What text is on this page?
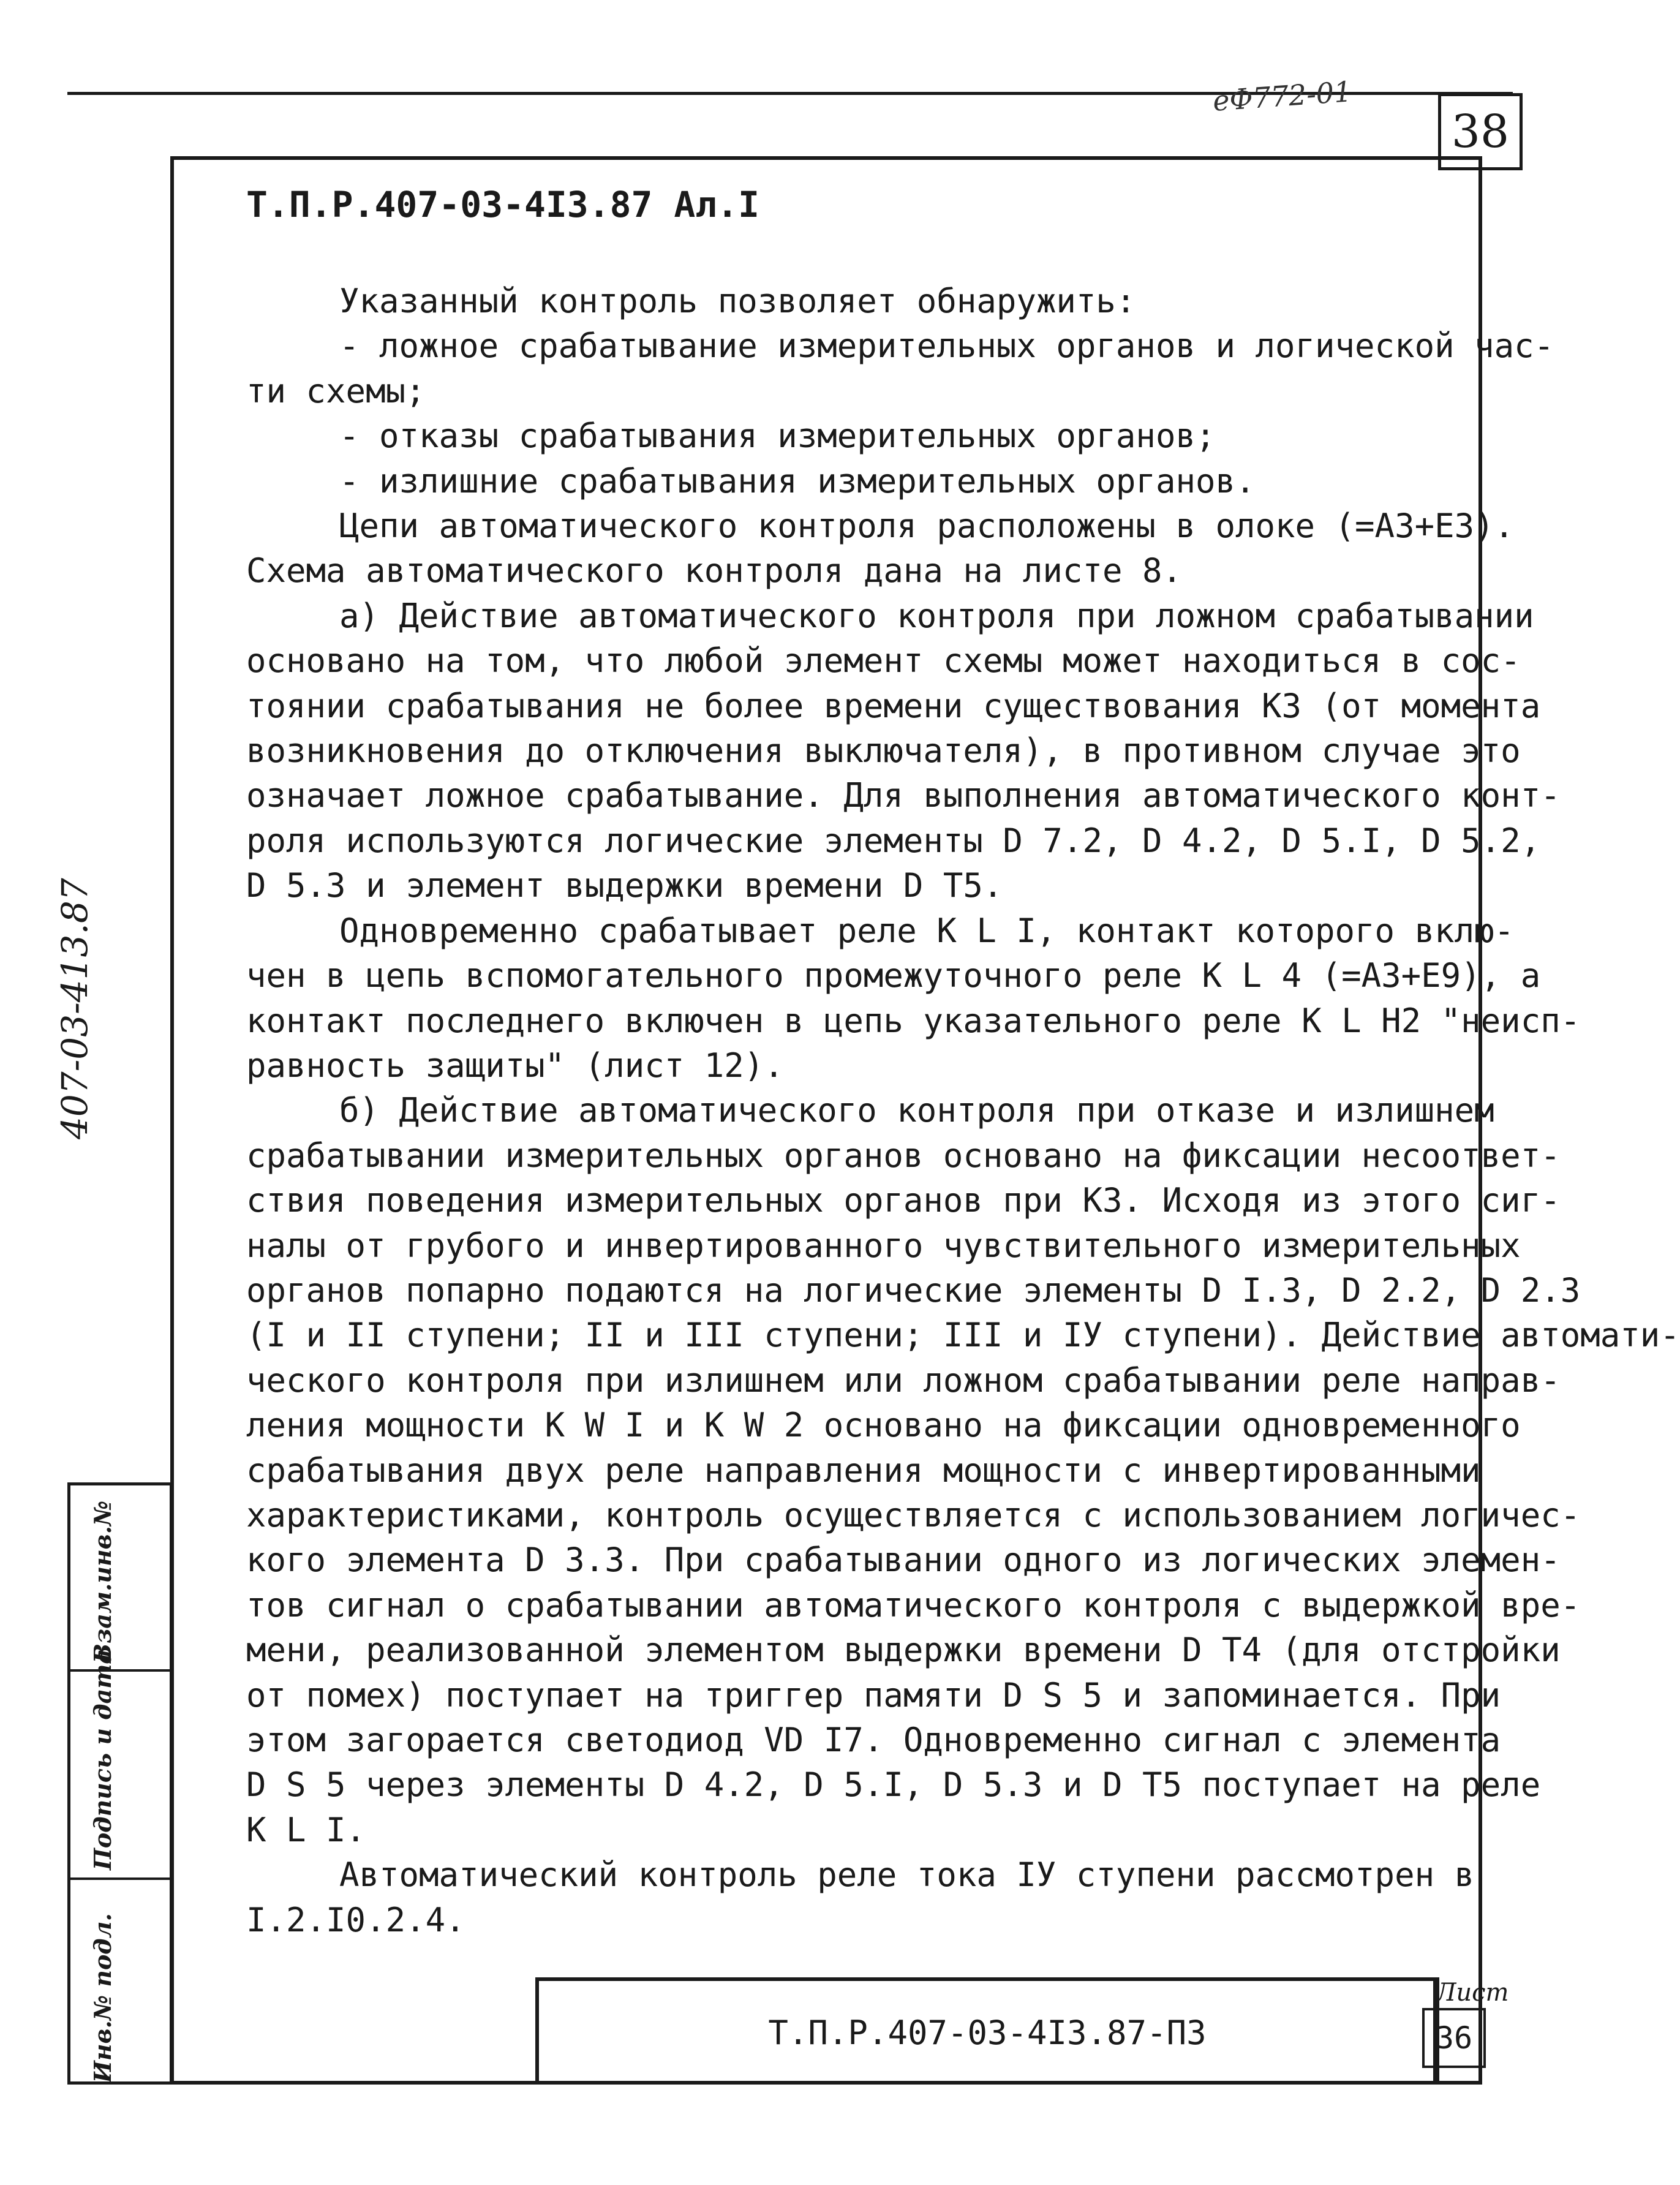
еФ772-01
38
Т.П.Р.407-03-4I3.87 Ал.I
Указанный контроль позволяет обнаружить:
- ложное срабатывание измерительных органов и логической час-
ти схемы;
- отказы срабатывания измерительных органов;
- излишние срабатывания измерительных органов.
Цепи автоматического контроля расположены в олоке (=А3+Е3).
Схема автоматического контроля дана на листе 8.
а) Действие автоматического контроля при ложном срабатывании
основано на том, что любой элемент схемы может находиться в сос-
тоянии срабатывания не более времени существования КЗ (от момента
возникновения до отключения выключателя), в противном случае это
означает ложное срабатывание. Для выполнения автоматического конт-
роля используются логические элементы D 7.2, D 4.2, D 5.I, D 5.2,
D 5.3 и элемент выдержки времени D Т5.
Одновременно срабатывает реле К L I, контакт которого вклю-
чен в цепь вспомогательного промежуточного реле К L 4 (=А3+Е9), а
контакт последнего включен в цепь указательного реле К L Н2 "неисп-
равность защиты" (лист 12).
б) Действие автоматического контроля при отказе и излишнем
срабатывании измерительных органов основано на фиксации несоответ-
ствия поведения измерительных органов при КЗ. Исходя из этого сиг-
налы от грубого и инвертированного чувствительного измерительных
органов попарно подаются на логические элементы D I.3, D 2.2, D 2.3
(I и II ступени; II и III ступени; III и IУ ступени). Действие автомати-
ческого контроля при излишнем или ложном срабатывании реле направ-
ления мощности К W I и К W 2 основано на фиксации одновременного
срабатывания двух реле направления мощности с инвертированными
характеристиками, контроль осуществляется с использованием логичес-
кого элемента D 3.3. При срабатывании одного из логических элемен-
тов сигнал о срабатывании автоматического контроля с выдержкой вре-
мени, реализованной элементом выдержки времени D Т4 (для отстройки
от помех) поступает на триггер памяти D S 5 и запоминается. При
этом загорается светодиод VD I7. Одновременно сигнал с элемента
D S 5 через элементы D 4.2, D 5.I, D 5.3 и D Т5 поступает на реле
К L I.
Автоматический контроль реле тока IУ ступени рассмотрен в
I.2.I0.2.4.
407-03-413.87
Взам.инв.№
Подпись и дата
Инв.№ подл.	Т.П.Р.407-03-4I3.87-ПЗ
Лист
36
